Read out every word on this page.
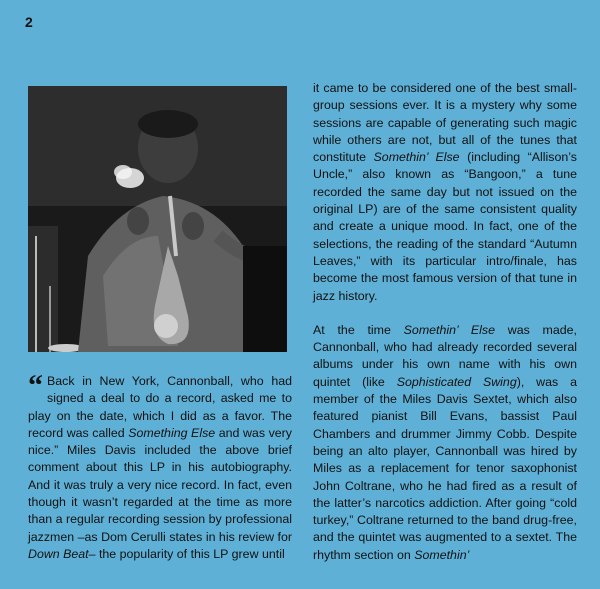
2

“ Back in New York, Cannonball, who had signed a deal to do a record, asked me to play on the date, which I did as a favor. The record was called Something Else and was very nice.” Miles Davis included the above brief comment about this LP in his autobiography. And it was truly a very nice record. In fact, even though it wasn’t regarded at the time as more than a regular recording session by professional jazzmen –as Dom Cerulli states in his review for Down Beat– the popularity of this LP grew until

it came to be considered one of the best small-group sessions ever. It is a mystery why some sessions are capable of generating such magic while others are not, but all of the tunes that constitute Somethin’ Else (including “Allison’s Uncle,” also known as “Bangoon,” a tune recorded the same day but not issued on the original LP) are of the same consistent quality and create a unique mood. In fact, one of the selections, the reading of the standard “Autumn Leaves,” with its particular intro/finale, has become the most famous version of that tune in jazz history.

At the time Somethin’ Else was made, Cannonball, who had already recorded several albums under his own name with his own quintet (like Sophisticated Swing), was a member of the Miles Davis Sextet, which also featured pianist Bill Evans, bassist Paul Chambers and drummer Jimmy Cobb. Despite being an alto player, Cannonball was hired by Miles as a replacement for tenor saxophonist John Coltrane, who he had fired as a result of the latter’s narcotics addiction. After going “cold turkey,” Coltrane returned to the band drug-free, and the quintet was augmented to a sextet. The rhythm section on Somethin’
